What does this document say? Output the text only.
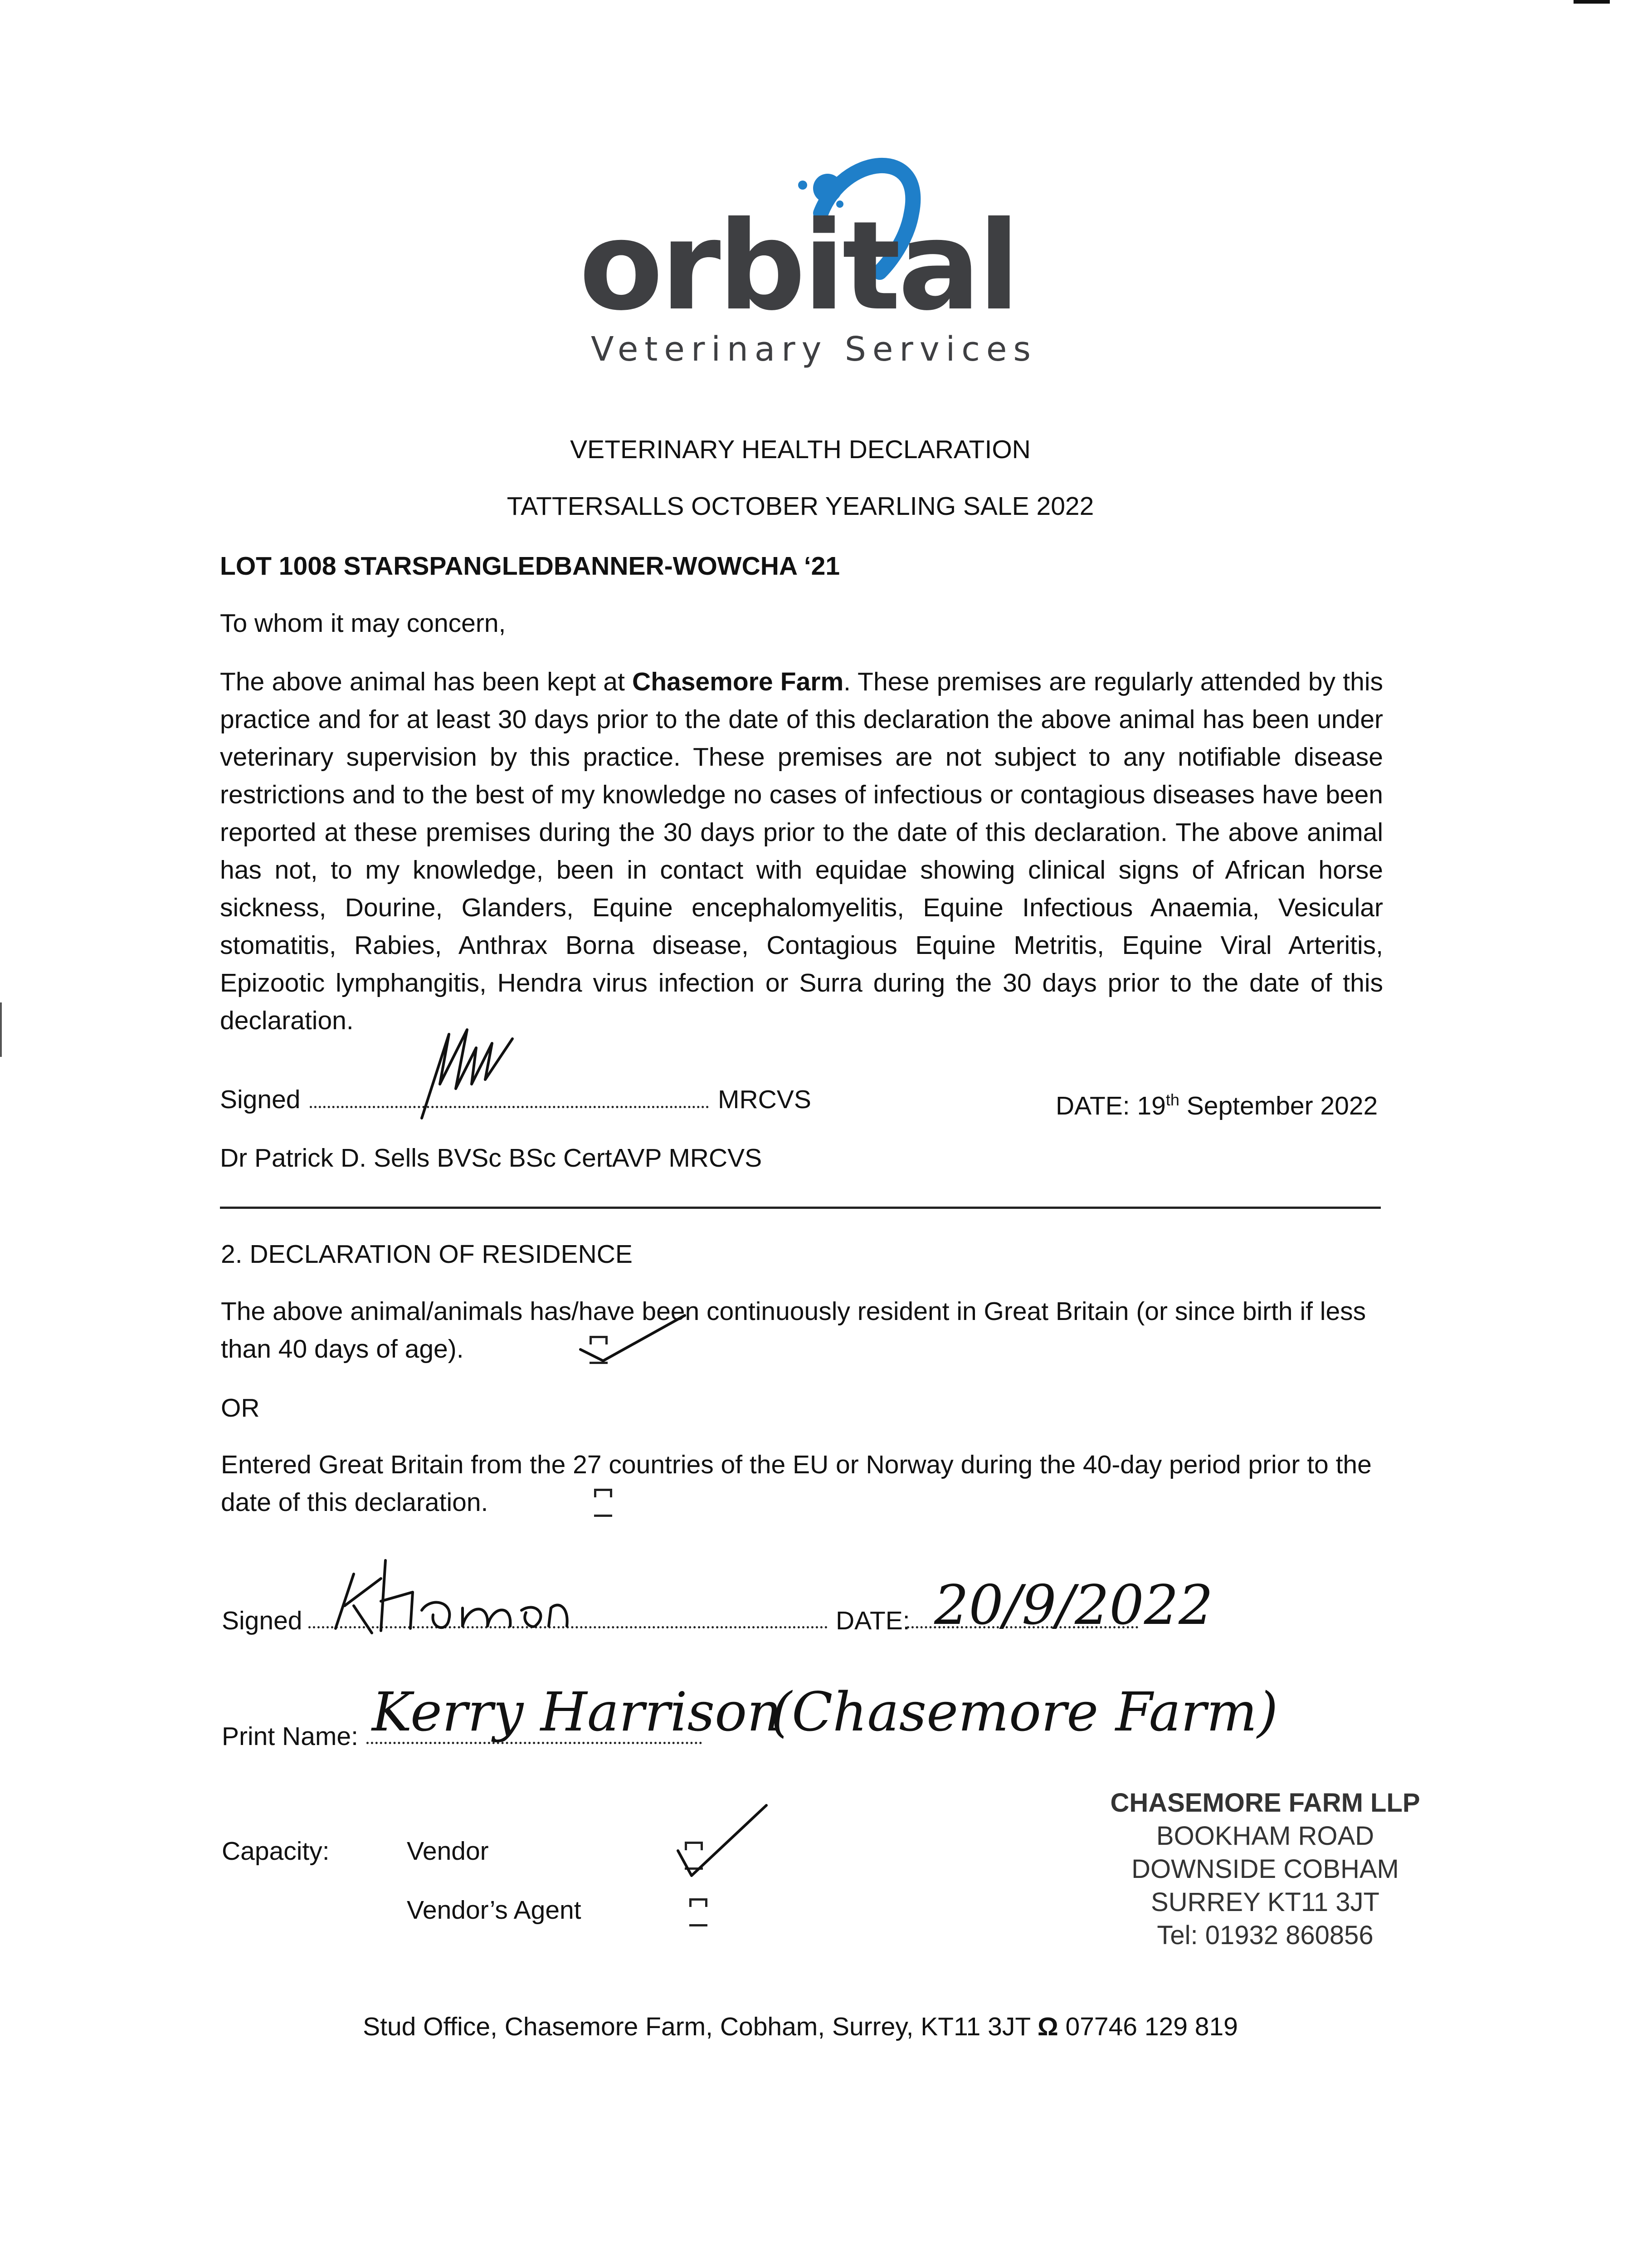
orbital
Veterinary Services
VETERINARY HEALTH DECLARATION
TATTERSALLS OCTOBER YEARLING SALE 2022
LOT 1008 STARSPANGLEDBANNER-WOWCHA ‘21
To whom it may concern,
The above animal has been kept at Chasemore Farm. These premises are regularly attended by this practice and for at least 30 days prior to the date of this declaration the above animal has been under veterinary supervision by this practice. These premises are not subject to any notifiable disease restrictions and to the best of my knowledge no cases of infectious or contagious diseases have been reported at these premises during the 30 days prior to the date of this declaration. The above animal has not, to my knowledge, been in contact with equidae showing clinical signs of African horse sickness, Dourine, Glanders, Equine encephalomyelitis, Equine Infectious Anaemia, Vesicular stomatitis, Rabies, Anthrax Borna disease, Contagious Equine Metritis, Equine Viral Arteritis, Epizootic lymphangitis, Hendra virus infection or Surra during the 30 days prior to the date of this declaration.
Signed	MRCVS	DATE: 19th September 2022
Dr Patrick D. Sells BVSc BSc CertAVP MRCVS
2. DECLARATION OF RESIDENCE
The above animal/animals has/have been continuously resident in Great Britain (or since birth if less than 40 days of age).
OR
Entered Great Britain from the 27 countries of the EU or Norway during the 40-day period prior to the date of this declaration.
Signed	DATE: 20/9/2022
Print Name: Kerry Harrison
(Chasemore Farm)
Capacity:	Vendor
Vendor’s Agent
CHASEMORE FARM LLP
BOOKHAM ROAD
DOWNSIDE COBHAM
SURREY KT11 3JT
Tel: 01932 860856
Stud Office, Chasemore Farm, Cobham, Surrey, KT11 3JT Ω 07746 129 819
